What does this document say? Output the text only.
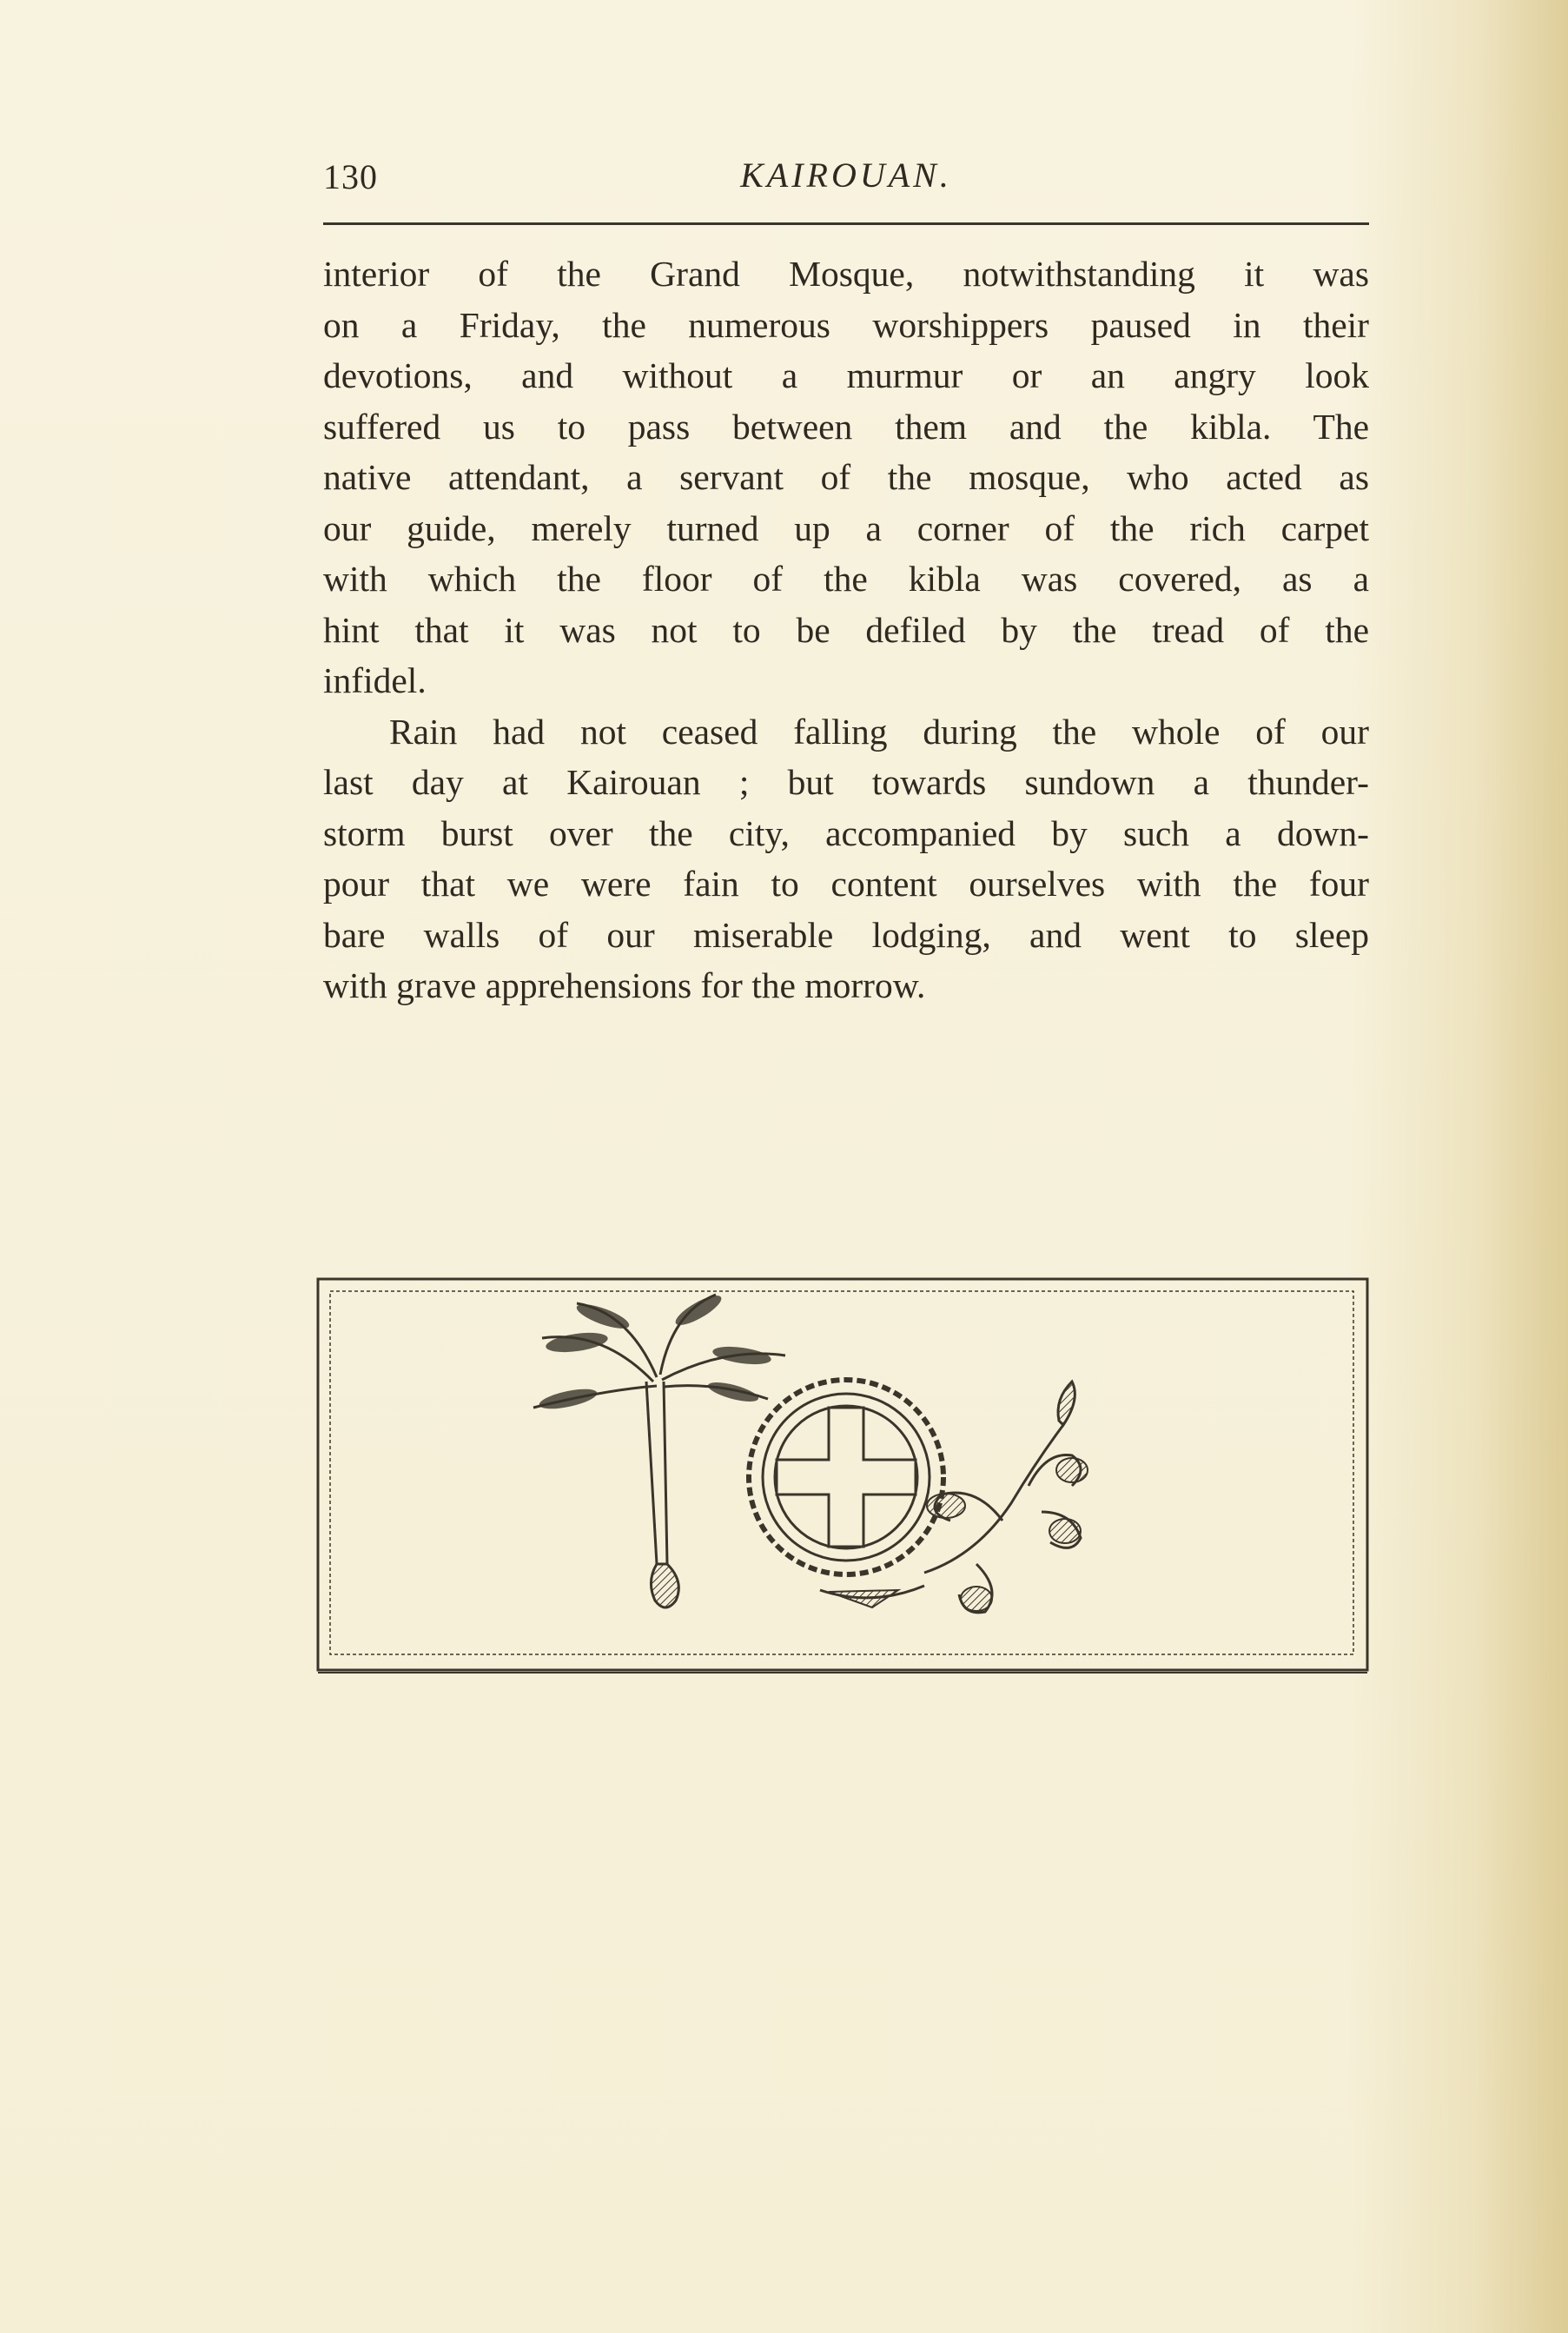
130	KAIROUAN.
interior of the Grand Mosque, notwithstanding it was
on a Friday, the numerous worshippers paused in their
devotions, and without a murmur or an angry look
suffered us to pass between them and the kibla. The
native attendant, a servant of the mosque, who acted as
our guide, merely turned up a corner of the rich carpet
with which the floor of the kibla was covered, as a
hint that it was not to be defiled by the tread of the
infidel.
Rain had not ceased falling during the whole of our
last day at Kairouan ; but towards sundown a thunder-
storm burst over the city, accompanied by such a down-
pour that we were fain to content ourselves with the four
bare walls of our miserable lodging, and went to sleep
with grave apprehensions for the morrow.
